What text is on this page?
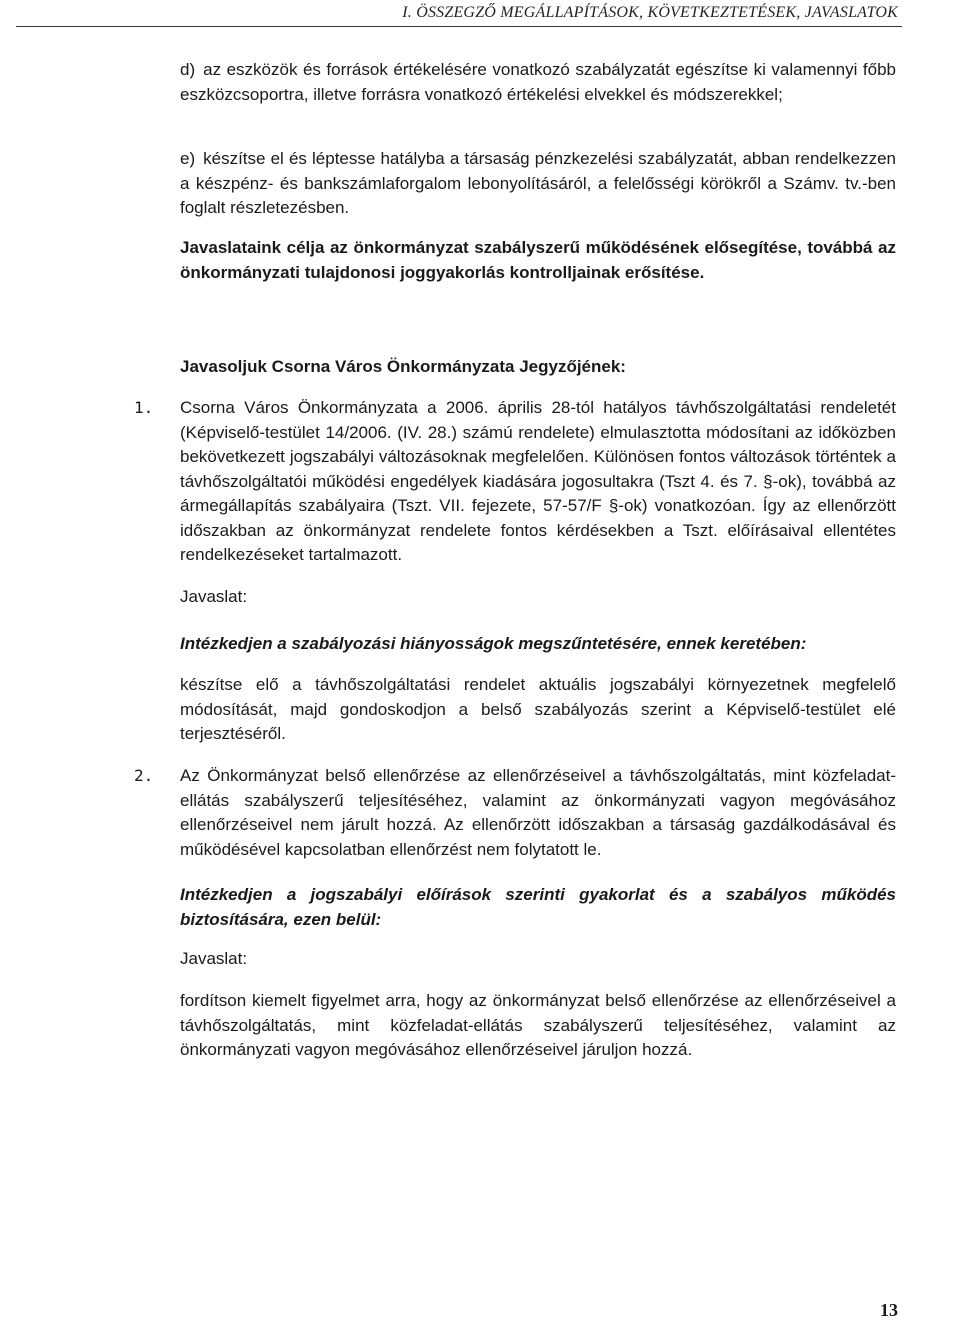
I. ÖSSZEGZŐ MEGÁLLAPÍTÁSOK, KÖVETKEZTETÉSEK, JAVASLATOK
d) az eszközök és források értékelésére vonatkozó szabályzatát egészítse ki valamennyi főbb eszközcsoportra, illetve forrásra vonatkozó értékelési elvekkel és módszerekkel;
e) készítse el és léptesse hatályba a társaság pénzkezelési szabályzatát, abban rendelkezzen a készpénz- és bankszámlaforgalom lebonyolításáról, a felelősségi körökről a Számv. tv.-ben foglalt részletezésben.
Javaslataink célja az önkormányzat szabályszerű működésének elősegítése, továbbá az önkormányzati tulajdonosi joggyakorlás kontrolljainak erősítése.
Javasoljuk Csorna Város Önkormányzata Jegyzőjének:
1. Csorna Város Önkormányzata a 2006. április 28-tól hatályos távhőszolgáltatási rendeletét (Képviselő-testület 14/2006. (IV. 28.) számú rendelete) elmulasztotta módosítani az időközben bekövetkezett jogszabályi változásoknak megfelelően. Különösen fontos változások történtek a távhőszolgáltatói működési engedélyek kiadására jogosultakra (Tszt 4. és 7. §-ok), továbbá az ármegállapítás szabályaira (Tszt. VII. fejezete, 57-57/F §-ok) vonatkozóan. Így az ellenőrzött időszakban az önkormányzat rendelete fontos kérdésekben a Tszt. előírásaival ellentétes rendelkezéseket tartalmazott.
Javaslat:
Intézkedjen a szabályozási hiányosságok megszűntetésére, ennek keretében:
készítse elő a távhőszolgáltatási rendelet aktuális jogszabályi környezetnek megfelelő módosítását, majd gondoskodjon a belső szabályozás szerint a Képviselő-testület elé terjesztéséről.
2. Az Önkormányzat belső ellenőrzése az ellenőrzéseivel a távhőszolgáltatás, mint közfeladat-ellátás szabályszerű teljesítéséhez, valamint az önkormányzati vagyon megóvásához ellenőrzéseivel nem járult hozzá. Az ellenőrzött időszakban a társaság gazdálkodásával és működésével kapcsolatban ellenőrzést nem folytatott le.
Intézkedjen a jogszabályi előírások szerinti gyakorlat és a szabályos működés biztosítására, ezen belül:
Javaslat:
fordítson kiemelt figyelmet arra, hogy az önkormányzat belső ellenőrzése az ellenőrzéseivel a távhőszolgáltatás, mint közfeladat-ellátás szabályszerű teljesítéséhez, valamint az önkormányzati vagyon megóvásához ellenőrzéseivel járuljon hozzá.
13
